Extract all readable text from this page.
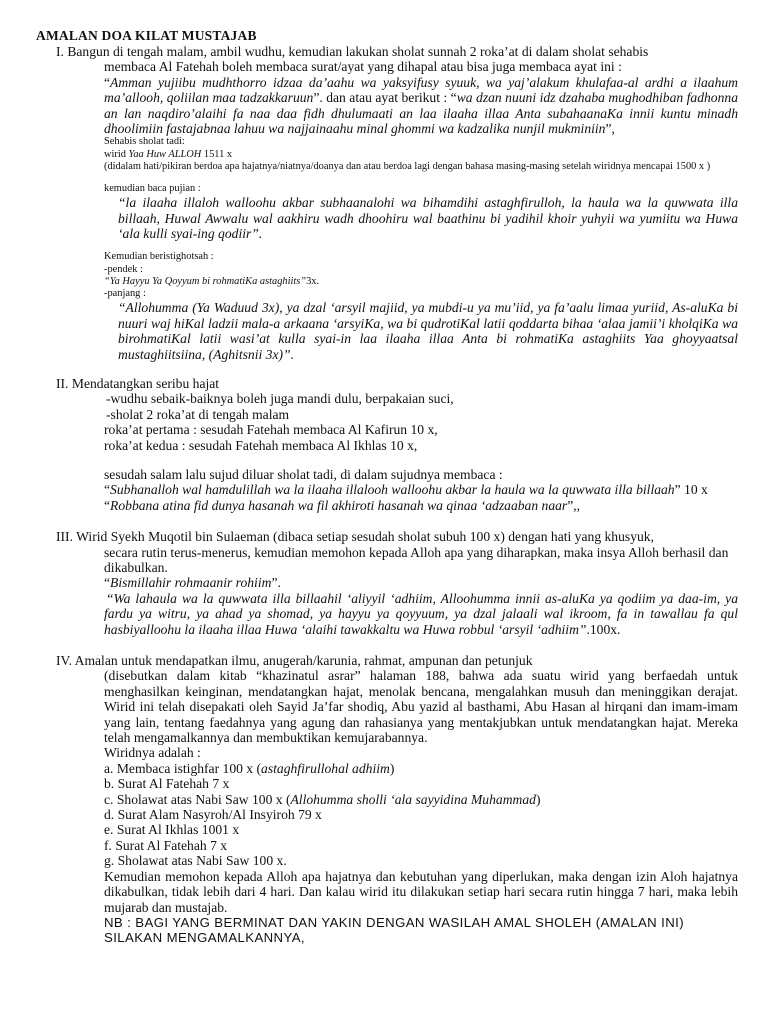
AMALAN DOA KILAT MUSTAJAB

I. Bangun di tengah malam, ambil wudhu, kemudian lakukan sholat sunnah 2 roka’at di dalam sholat sehabis

membaca Al Fatehah boleh membaca surat/ayat yang dihapal atau bisa juga membaca ayat ini :

“Amman yujiibu mudhthorro idzaa da’aahu wa yaksyifusy syuuk, wa yaj’alakum khulafaa-al ardhi a ilaahum ma’allooh, qoliilan maa tadzakkaruun”. dan atau ayat berikut : “wa dzan nuuni idz dzahaba mughodhiban fadhonna an lan naqdiro’alaihi fa naa daa fidh dhulumaati an laa ilaaha illaa Anta subahaanaKa innii kuntu minadh dhoolimiin fastajabnaa lahuu wa najjainaahu minal ghommi wa kadzalika nunjil mukminiin”,

Sehabis sholat tadi:

wirid Yaa Huw ALLOH 1511 x

(didalam hati/pikiran berdoa apa hajatnya/niatnya/doanya dan atau berdoa lagi dengan bahasa masing-masing setelah wiridnya mencapai 1500 x )

kemudian baca pujian :

“la ilaaha illaloh walloohu akbar subhaanalohi wa bihamdihi astaghfirulloh, la haula wa la quwwata illa billaah, Huwal Awwalu wal aakhiru wadh dhoohiru wal baathinu bi yadihil khoir yuhyii wa yumiitu wa Huwa ‘ala kulli syai-ing qodiir”.

Kemudian beristighotsah :

-pendek :

“Ya Hayyu Ya Qoyyum bi rohmatiKa astaghiits”3x.

-panjang :

“Allohumma (Ya Waduud 3x), ya dzal ‘arsyil majiid, ya mubdi-u ya mu’iid, ya fa’aalu limaa yuriid, As-aluKa bi nuuri waj hiKal ladzii mala-a arkaana ‘arsyiKa, wa bi qudrotiKal latii qoddarta bihaa ‘alaa jamii’i kholqiKa wa birohmatiKal latii wasi’at kulla syai-in laa ilaaha illaa Anta bi rohmatiKa astaghiits Yaa ghoyyaatsal mustaghiitsiina, (Aghitsnii 3x)”.

II. Mendatangkan seribu hajat

-wudhu sebaik-baiknya boleh juga mandi dulu, berpakaian suci,

-sholat 2 roka’at di tengah malam

roka’at pertama : sesudah Fatehah membaca Al Kafirun 10 x,

roka’at kedua : sesudah Fatehah membaca Al Ikhlas 10 x,

sesudah salam lalu sujud diluar sholat tadi, di dalam sujudnya membaca :

“Subhanalloh wal hamdulillah wa la ilaaha illalooh walloohu akbar la haula wa la quwwata illa billaah” 10 x

“Robbana atina fid dunya hasanah wa fil akhiroti hasanah wa qinaa ‘adzaaban naar”,,

III. Wirid Syekh Muqotil bin Sulaeman (dibaca setiap sesudah sholat subuh 100 x) dengan hati yang khusyuk,

secara rutin terus-menerus, kemudian memohon kepada Alloh apa yang diharapkan, maka insya Alloh berhasil dan dikabulkan.

“Bismillahir rohmaanir rohiim”.

“Wa lahaula wa la quwwata illa billaahil ‘aliyyil ‘adhiim, Alloohumma innii as-aluKa ya qodiim ya daa-im, ya fardu ya witru, ya ahad ya shomad, ya hayyu ya qoyyuum, ya dzal jalaali wal ikroom, fa in tawallau fa qul hasbiyalloohu la ilaaha illaa Huwa ‘alaihi tawakkaltu wa Huwa robbul ‘arsyil ‘adhiim”.100x.

IV. Amalan untuk mendapatkan ilmu, anugerah/karunia, rahmat, ampunan dan petunjuk

(disebutkan dalam kitab “khazinatul asrar” halaman 188, bahwa ada suatu wirid yang berfaedah untuk menghasilkan keinginan, mendatangkan hajat, menolak bencana, mengalahkan musuh dan meninggikan derajat. Wirid ini telah disepakati oleh Sayid Ja’far shodiq, Abu yazid al basthami, Abu Hasan al hirqani dan imam-imam yang lain, tentang faedahnya yang agung dan rahasianya yang mentakjubkan untuk mendatangkan hajat. Mereka telah mengamalkannya dan membuktikan kemujarabannya.

Wiridnya adalah :

a. Membaca istighfar 100 x (astaghfirullohal adhiim)
b. Surat Al Fatehah 7 x
c. Sholawat atas Nabi Saw 100 x (Allohumma sholli ‘ala sayyidina Muhammad)
d. Surat Alam Nasyroh/Al Insyiroh 79 x
e. Surat Al Ikhlas 1001 x
f. Surat Al Fatehah 7 x
g. Sholawat atas Nabi Saw 100 x.

Kemudian memohon kepada Alloh apa hajatnya dan kebutuhan yang diperlukan, maka dengan izin Aloh hajatnya dikabulkan, tidak lebih dari 4 hari. Dan kalau wirid itu dilakukan setiap hari secara rutin hingga 7 hari, maka lebih mujarab dan mustajab.

NB : BAGI YANG BERMINAT DAN YAKIN DENGAN WASILAH AMAL SHOLEH (AMALAN INI) SILAKAN MENGAMALKANNYA,
